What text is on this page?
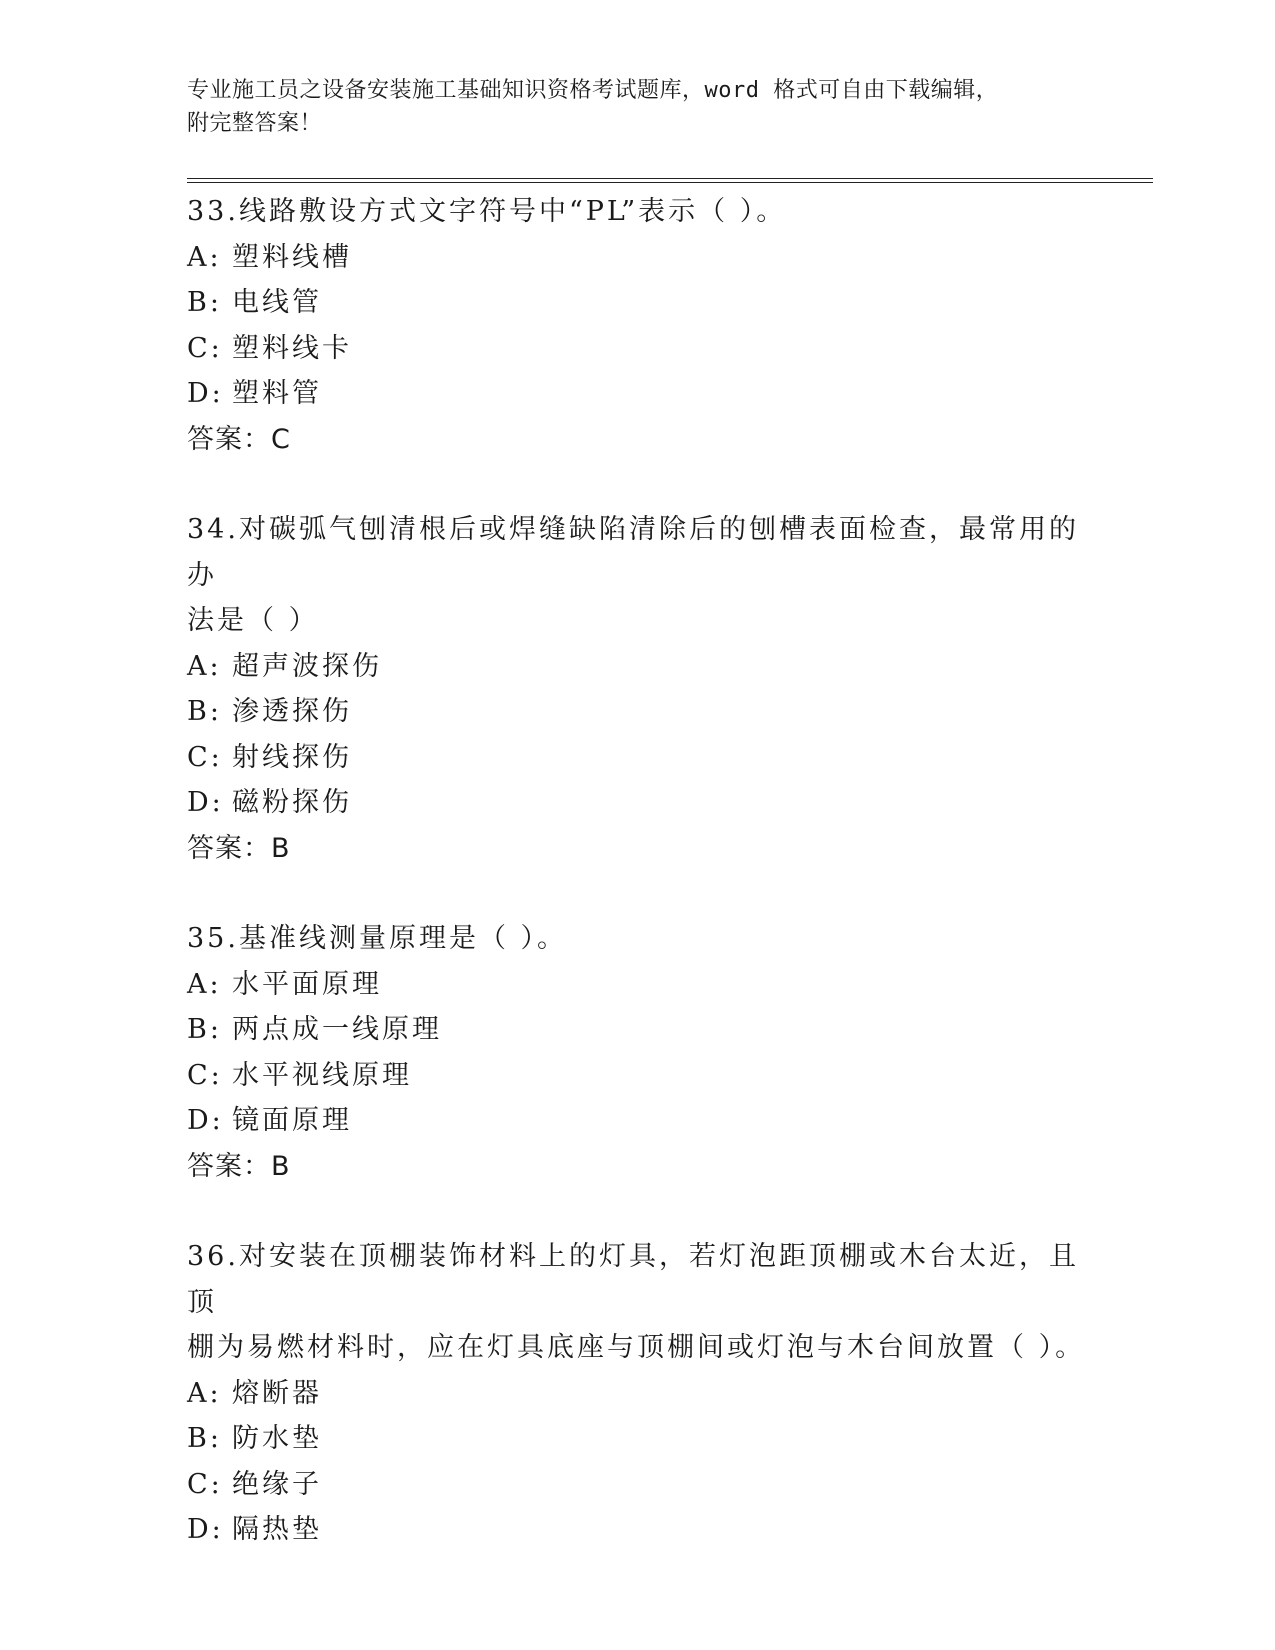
专业施工员之设备安装施工基础知识资格考试题库，word 格式可自由下载编辑，
附完整答案！
33.线路敷设方式文字符号中“PL”表示（ ）。
A: 塑料线槽
B: 电线管
C: 塑料线卡
D: 塑料管
答案：C
34.对碳弧气刨清根后或焊缝缺陷清除后的刨槽表面检查，最常用的办
法是（ ）
A: 超声波探伤
B: 渗透探伤
C: 射线探伤
D: 磁粉探伤
答案：B
35.基准线测量原理是（ ）。
A: 水平面原理
B: 两点成一线原理
C: 水平视线原理
D: 镜面原理
答案：B
36.对安装在顶棚装饰材料上的灯具，若灯泡距顶棚或木台太近，且顶
棚为易燃材料时，应在灯具底座与顶棚间或灯泡与木台间放置（ ）。
A: 熔断器
B: 防水垫
C: 绝缘子
D: 隔热垫
